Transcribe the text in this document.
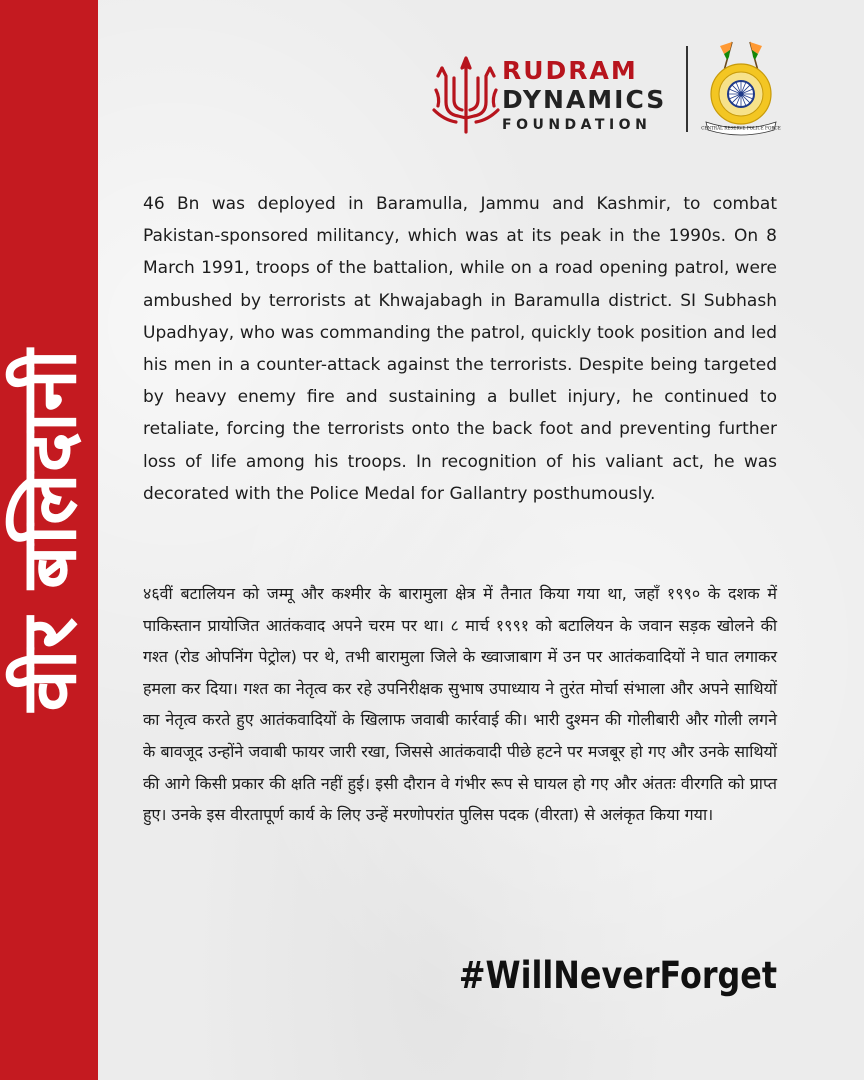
वीर बलिदानी
RUDRAM
DYNAMICS
FOUNDATION	CENTRAL RESERVE POLICE FORCE

46 Bn was deployed in Baramulla, Jammu and Kashmir, to combat Pakistan-sponsored militancy, which was at its peak in the 1990s. On 8 March 1991, troops of the battalion, while on a road opening patrol, were ambushed by terrorists at Khwajabagh in Baramulla district. SI Subhash Upadhyay, who was commanding the patrol, quickly took position and led his men in a counter-attack against the terrorists. Despite being targeted by heavy enemy fire and sustaining a bullet injury, he continued to retaliate, forcing the terrorists onto the back foot and preventing further loss of life among his troops. In recognition of his valiant act, he was decorated with the Police Medal for Gallantry posthumously.

४६वीं बटालियन को जम्मू और कश्मीर के बारामुला क्षेत्र में तैनात किया गया था, जहाँ १९९० के दशक में पाकिस्तान प्रायोजित आतंकवाद अपने चरम पर था। ८ मार्च १९९१ को बटालियन के जवान सड़क खोलने की गश्त (रोड ओपनिंग पेट्रोल) पर थे, तभी बारामुला जिले के ख्वाजाबाग में उन पर आतंकवादियों ने घात लगाकर हमला कर दिया। गश्त का नेतृत्व कर रहे उपनिरीक्षक सुभाष उपाध्याय ने तुरंत मोर्चा संभाला और अपने साथियों का नेतृत्व करते हुए आतंकवादियों के खिलाफ जवाबी कार्रवाई की। भारी दुश्मन की गोलीबारी और गोली लगने के बावजूद उन्होंने जवाबी फायर जारी रखा, जिससे आतंकवादी पीछे हटने पर मजबूर हो गए और उनके साथियों की आगे किसी प्रकार की क्षति नहीं हुई। इसी दौरान वे गंभीर रूप से घायल हो गए और अंततः वीरगति को प्राप्त हुए। उनके इस वीरतापूर्ण कार्य के लिए उन्हें मरणोपरांत पुलिस पदक (वीरता) से अलंकृत किया गया।

#WillNeverForget
